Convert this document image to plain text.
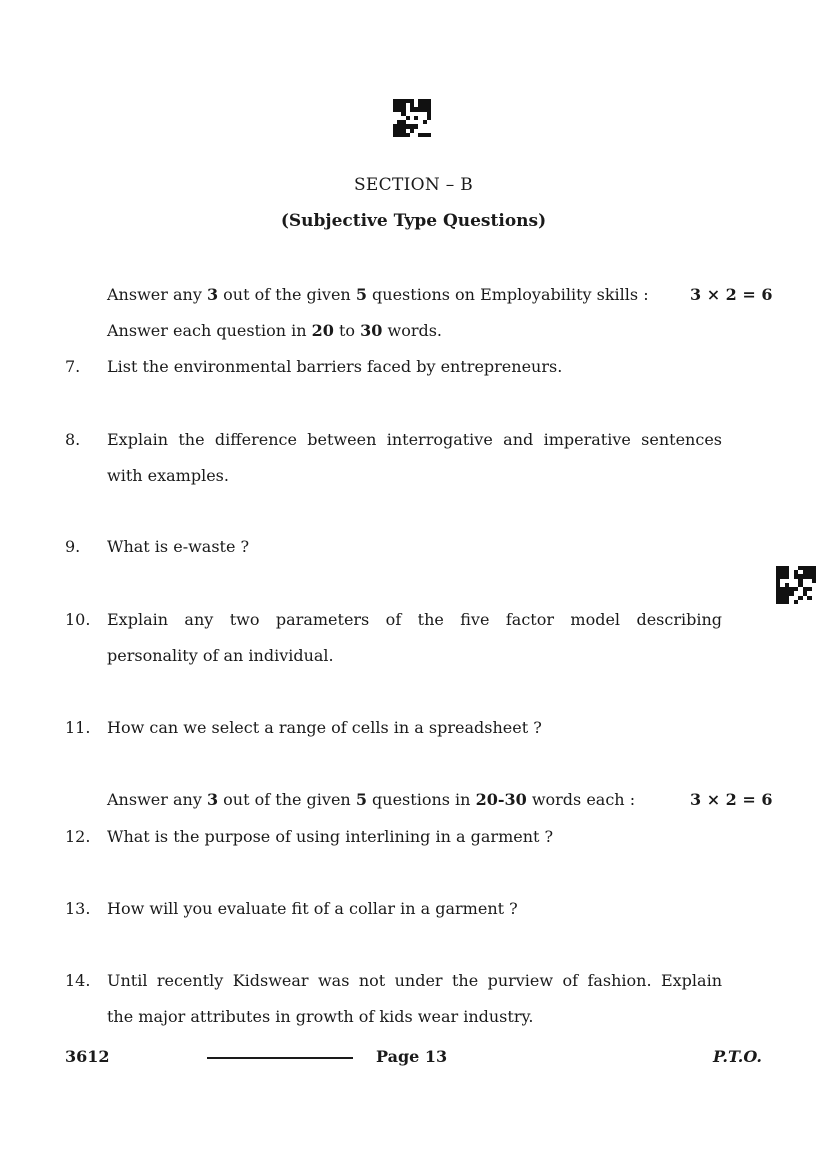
SECTION – B
(Subjective Type Questions)
Answer any 3 out of the given 5 questions on Employability skills :	3 × 2 = 6
Answer each question in 20 to 30 words.
7. List the environmental barriers faced by entrepreneurs.
8. Explain the difference between interrogative and imperative sentences
with examples.
9. What is e-waste ?
10. Explain any two parameters of the five factor model describing
personality of an individual.
11. How can we select a range of cells in a spreadsheet ?
Answer any 3 out of the given 5 questions in 20-30 words each :	3 × 2 = 6
12. What is the purpose of using interlining in a garment ?
13. How will you evaluate fit of a collar in a garment ?
14. Until recently Kidswear was not under the purview of fashion. Explain
the major attributes in growth of kids wear industry.
3612	Page 13	P.T.O.
